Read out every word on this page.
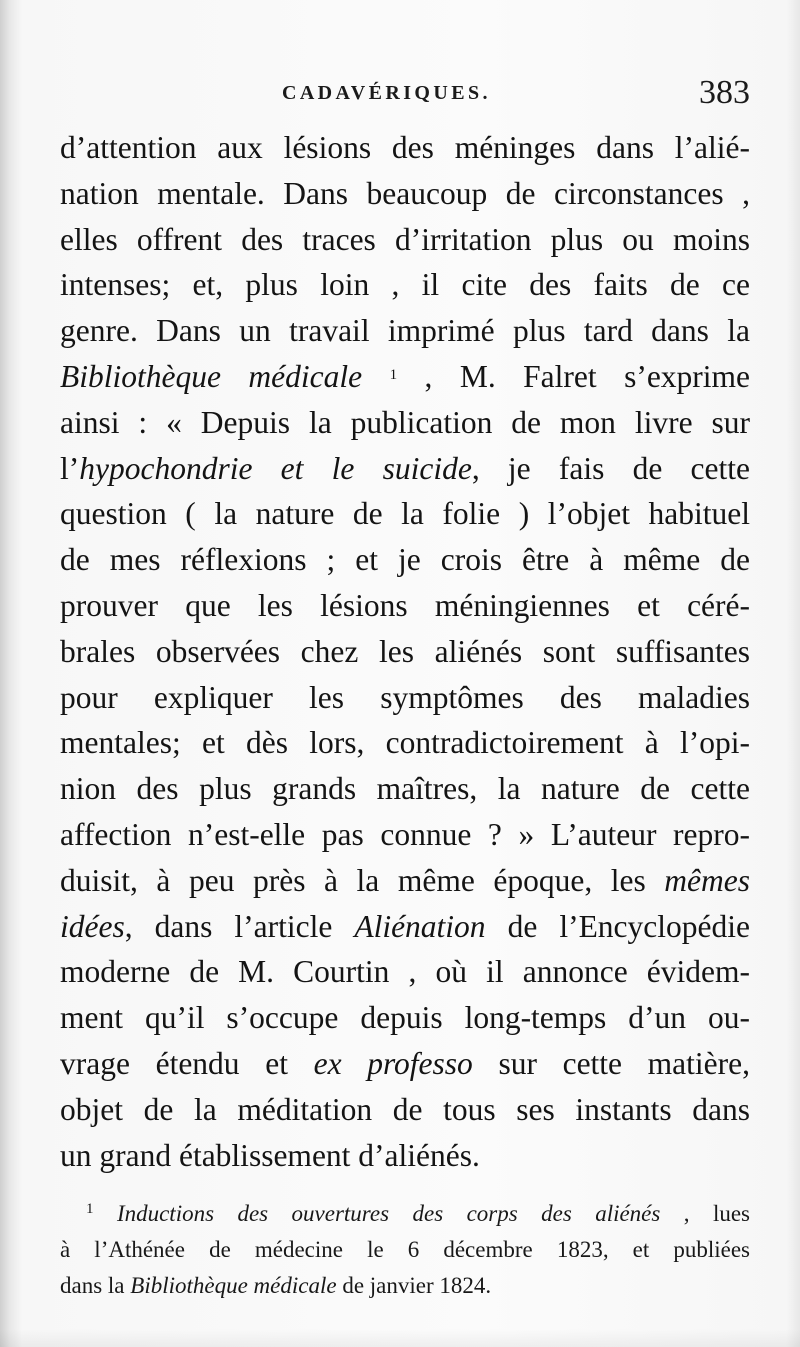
CADAVÉRIQUES.	383
d’attention aux lésions des méninges dans l’alié-
nation mentale. Dans beaucoup de circonstances ,
elles offrent des traces d’irritation plus ou moins
intenses; et, plus loin , il cite des faits de ce
genre. Dans un travail imprimé plus tard dans la
Bibliothèque médicale $^1$ , M. Falret s’exprime
ainsi : « Depuis la publication de mon livre sur
l’hypochondrie et le suicide, je fais de cette
question ( la nature de la folie ) l’objet habituel
de mes réflexions ; et je crois être à même de
prouver que les lésions méningiennes et céré-
brales observées chez les aliénés sont suffisantes
pour expliquer les symptômes des maladies
mentales; et dès lors, contradictoirement à l’opi-
nion des plus grands maîtres, la nature de cette
affection n’est-elle pas connue ? » L’auteur repro-
duisit, à peu près à la même époque, les mêmes
idées, dans l’article Aliénation de l’Encyclopédie
moderne de M. Courtin , où il annonce évidem-
ment qu’il s’occupe depuis long-temps d’un ou-
vrage étendu et ex professo sur cette matière,
objet de la méditation de tous ses instants dans
un grand établissement d’aliénés.
$^1$ Inductions des ouvertures des corps des aliénés , lues
à l’Athénée de médecine le 6 décembre 1823, et publiées
dans la Bibliothèque médicale de janvier 1824.
